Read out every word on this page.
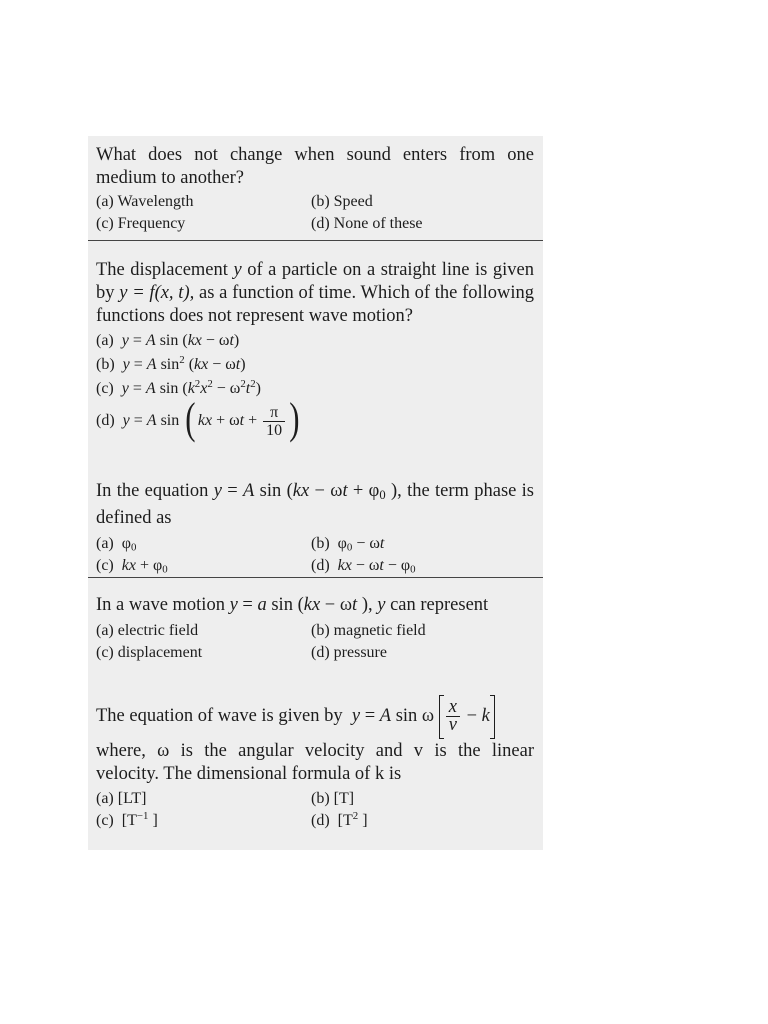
What does not change when sound enters from one medium to another?
(a) Wavelength	(b) Speed
(c) Frequency	(d) None of these
The displacement y of a particle on a straight line is given by y = f(x, t), as a function of time. Which of the following functions does not represent wave motion?
(a)  y = A sin (kx − ωt)
(b)  y = A $\sin^2 (kx - \omega t)$
(c)  y = A $\sin (k^2x^2 - \omega^2t^2)$
(d)  y = A sin ( kx + $\omega t + \frac{\pi}{10}$ )
In the equation y = A $\sin (kx - \omega t + \varphi_0$ ), the term phase is defined as
(a)  $\varphi_0$	(b)  $\varphi_0 - \omega t$
(c)  kx + $\varphi_0$	(d)  kx − $\omega t - \varphi_0$
In a wave motion y = a sin (kx − ωt ), y can represent
(a) electric field	(b) magnetic field
(c) displacement	(d) pressure
The equation of wave is given by y = A sin ω $\frac{x}{v} - k$
where, ω is the angular velocity and v is the linear velocity. The dimensional formula of k is
(a) [LT]	(b) [T]
(c)  [$T^{-1}$ ]	(d)  [$T^2$ ]
